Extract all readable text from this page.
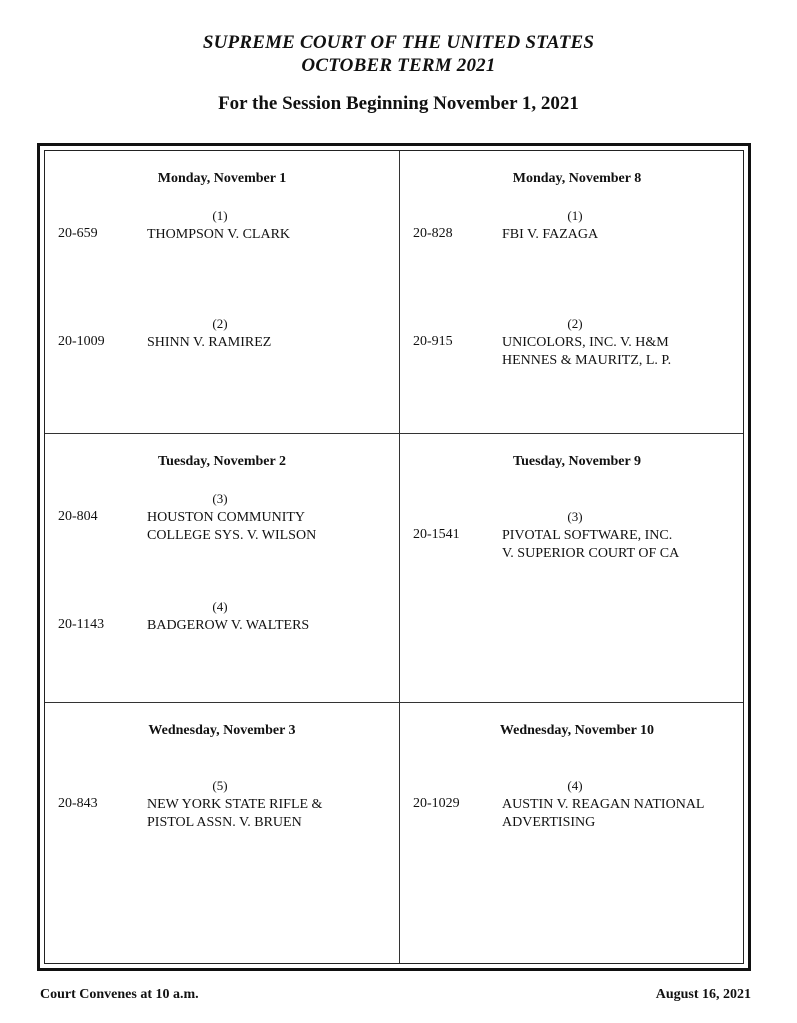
SUPREME COURT OF THE UNITED STATES
OCTOBER TERM 2021
For the Session Beginning November 1, 2021
Monday, November 1
(1)
20-659	THOMPSON V. CLARK
(2)
20-1009	SHINN V. RAMIREZ
Monday, November 8
(1)
20-828	FBI V. FAZAGA
(2)
20-915	UNICOLORS, INC. V. H&M
HENNES & MAURITZ, L. P.
Tuesday, November 2
(3)
20-804	HOUSTON COMMUNITY
COLLEGE SYS. V. WILSON
(4)
20-1143	BADGEROW V. WALTERS
Tuesday, November 9
(3)
20-1541	PIVOTAL SOFTWARE, INC.
V. SUPERIOR COURT OF CA
Wednesday, November 3
(5)
20-843	NEW YORK STATE RIFLE &
PISTOL ASSN. V. BRUEN
Wednesday, November 10
(4)
20-1029	AUSTIN V. REAGAN NATIONAL
ADVERTISING
Court Convenes at 10 a.m.	August 16, 2021
